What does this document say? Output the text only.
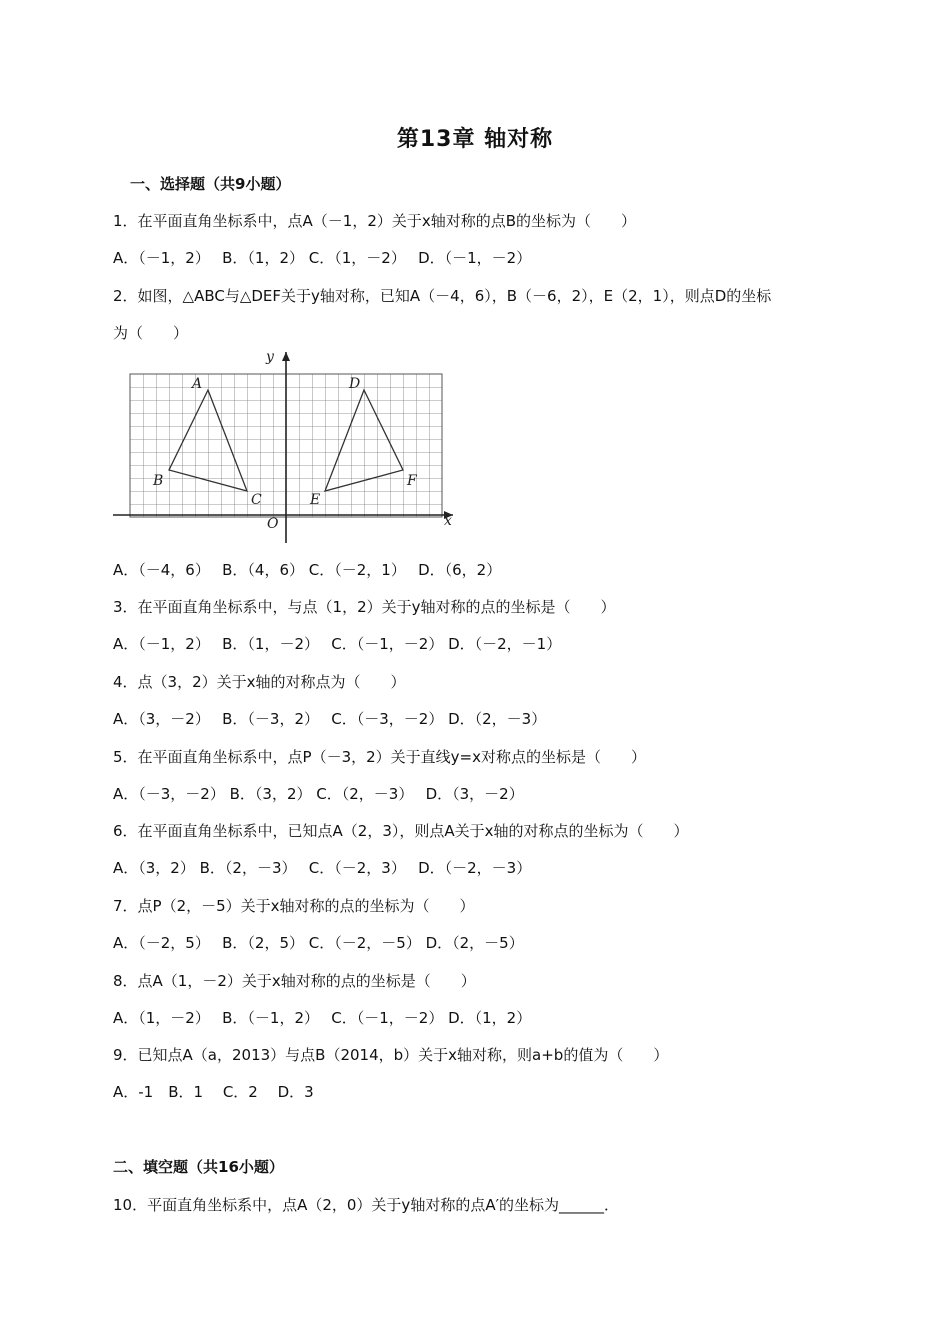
第13章 轴对称
一、选择题（共9小题）
1．在平面直角坐标系中，点A（－1，2）关于x轴对称的点B的坐标为（　　）
A．（－1，2）　 B．（1，2） C．（1，－2）　 D．（－1，－2）
2．如图，△ABC与△DEF关于y轴对称，已知A（－4，6），B（－6，2），E（2，1），则点D的坐标
为（　　）
A
B
C
D
E
F
O	x
y
A．（－4，6）　 B．（4，6） C．（－2，1）　 D．（6，2）
3．在平面直角坐标系中，与点（1，2）关于y轴对称的点的坐标是（　　）
A．（－1，2）　 B．（1，－2）　 C．（－1，－2） D．（－2，－1）
4．点（3，2）关于x轴的对称点为（　　）
A．（3，－2）　 B．（－3，2）　 C．（－3，－2） D．（2，－3）
5．在平面直角坐标系中，点P（－3，2）关于直线y=x对称点的坐标是（　　）
A．（－3，－2） B．（3，2） C．（2，－3）　 D．（3，－2）
6．在平面直角坐标系中，已知点A（2，3），则点A关于x轴的对称点的坐标为（　　）
A．（3，2） B．（2，－3）　 C．（－2，3）　 D．（－2，－3）
7．点P（2，－5）关于x轴对称的点的坐标为（　　）
A．（－2，5）　 B．（2，5） C．（－2，－5） D．（2，－5）
8．点A（1，－2）关于x轴对称的点的坐标是（　　）
A．（1，－2）　 B．（－1，2）　 C．（－1，－2） D．（1，2）
9．已知点A（a，2013）与点B（2014，b）关于x轴对称，则a+b的值为（　　）
A．-1　B．1　 C．2　 D．3
二、填空题（共16小题）
10．平面直角坐标系中，点A（2，0）关于y轴对称的点A′的坐标为______．
